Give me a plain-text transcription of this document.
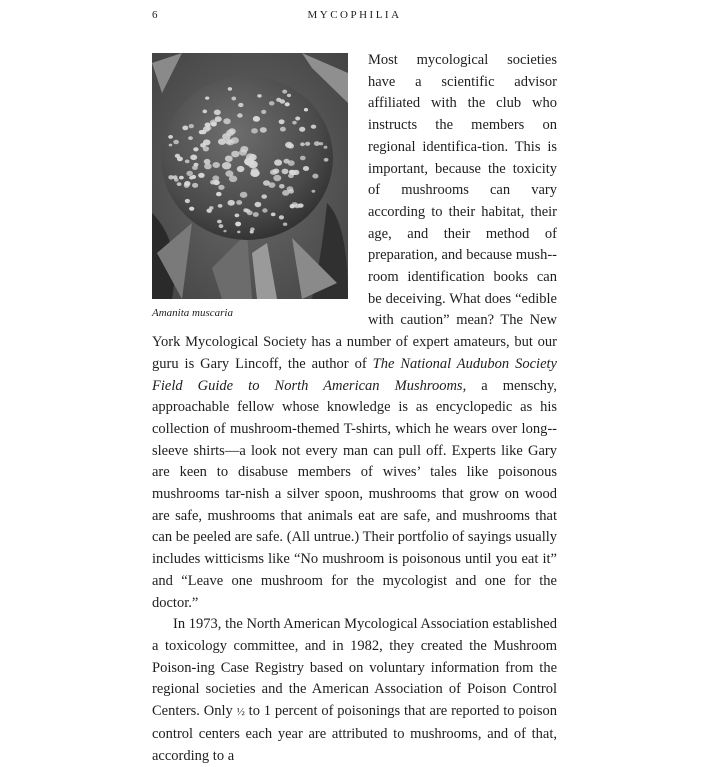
6	MYCOPHILIA
Amanita muscaria

Most mycological societies have a scientific advisor affiliated with the club who instructs the members on regional identifica-tion. This is important, because the toxicity of mushrooms can vary according to their habitat, their age, and their method of preparation, and because mush-room identification books can be deceiving. What does “edible with caution” mean? The New York Mycological Society has a number of expert amateurs, but our guru is Gary Lincoff, the author of The National Audubon Society Field Guide to North American Mushrooms, a menschy, approachable fellow whose knowledge is as encyclopedic as his collection of mushroom-themed T-shirts, which he wears over long-sleeve shirts—a look not every man can pull off. Experts like Gary are keen to disabuse members of wives’ tales like poisonous mushrooms tar-nish a silver spoon, mushrooms that grow on wood are safe, mushrooms that animals eat are safe, and mushrooms that can be peeled are safe. (All untrue.) Their portfolio of sayings usually includes witticisms like “No mushroom is poisonous until you eat it” and “Leave one mushroom for the mycologist and one for the doctor.”

In 1973, the North American Mycological Association established a toxicology committee, and in 1982, they created the Mushroom Poison-ing Case Registry based on voluntary information from the regional societies and the American Association of Poison Control Centers. Only ½ to 1 percent of poisonings that are reported to poison control centers each year are attributed to mushrooms, and of that, according to a
